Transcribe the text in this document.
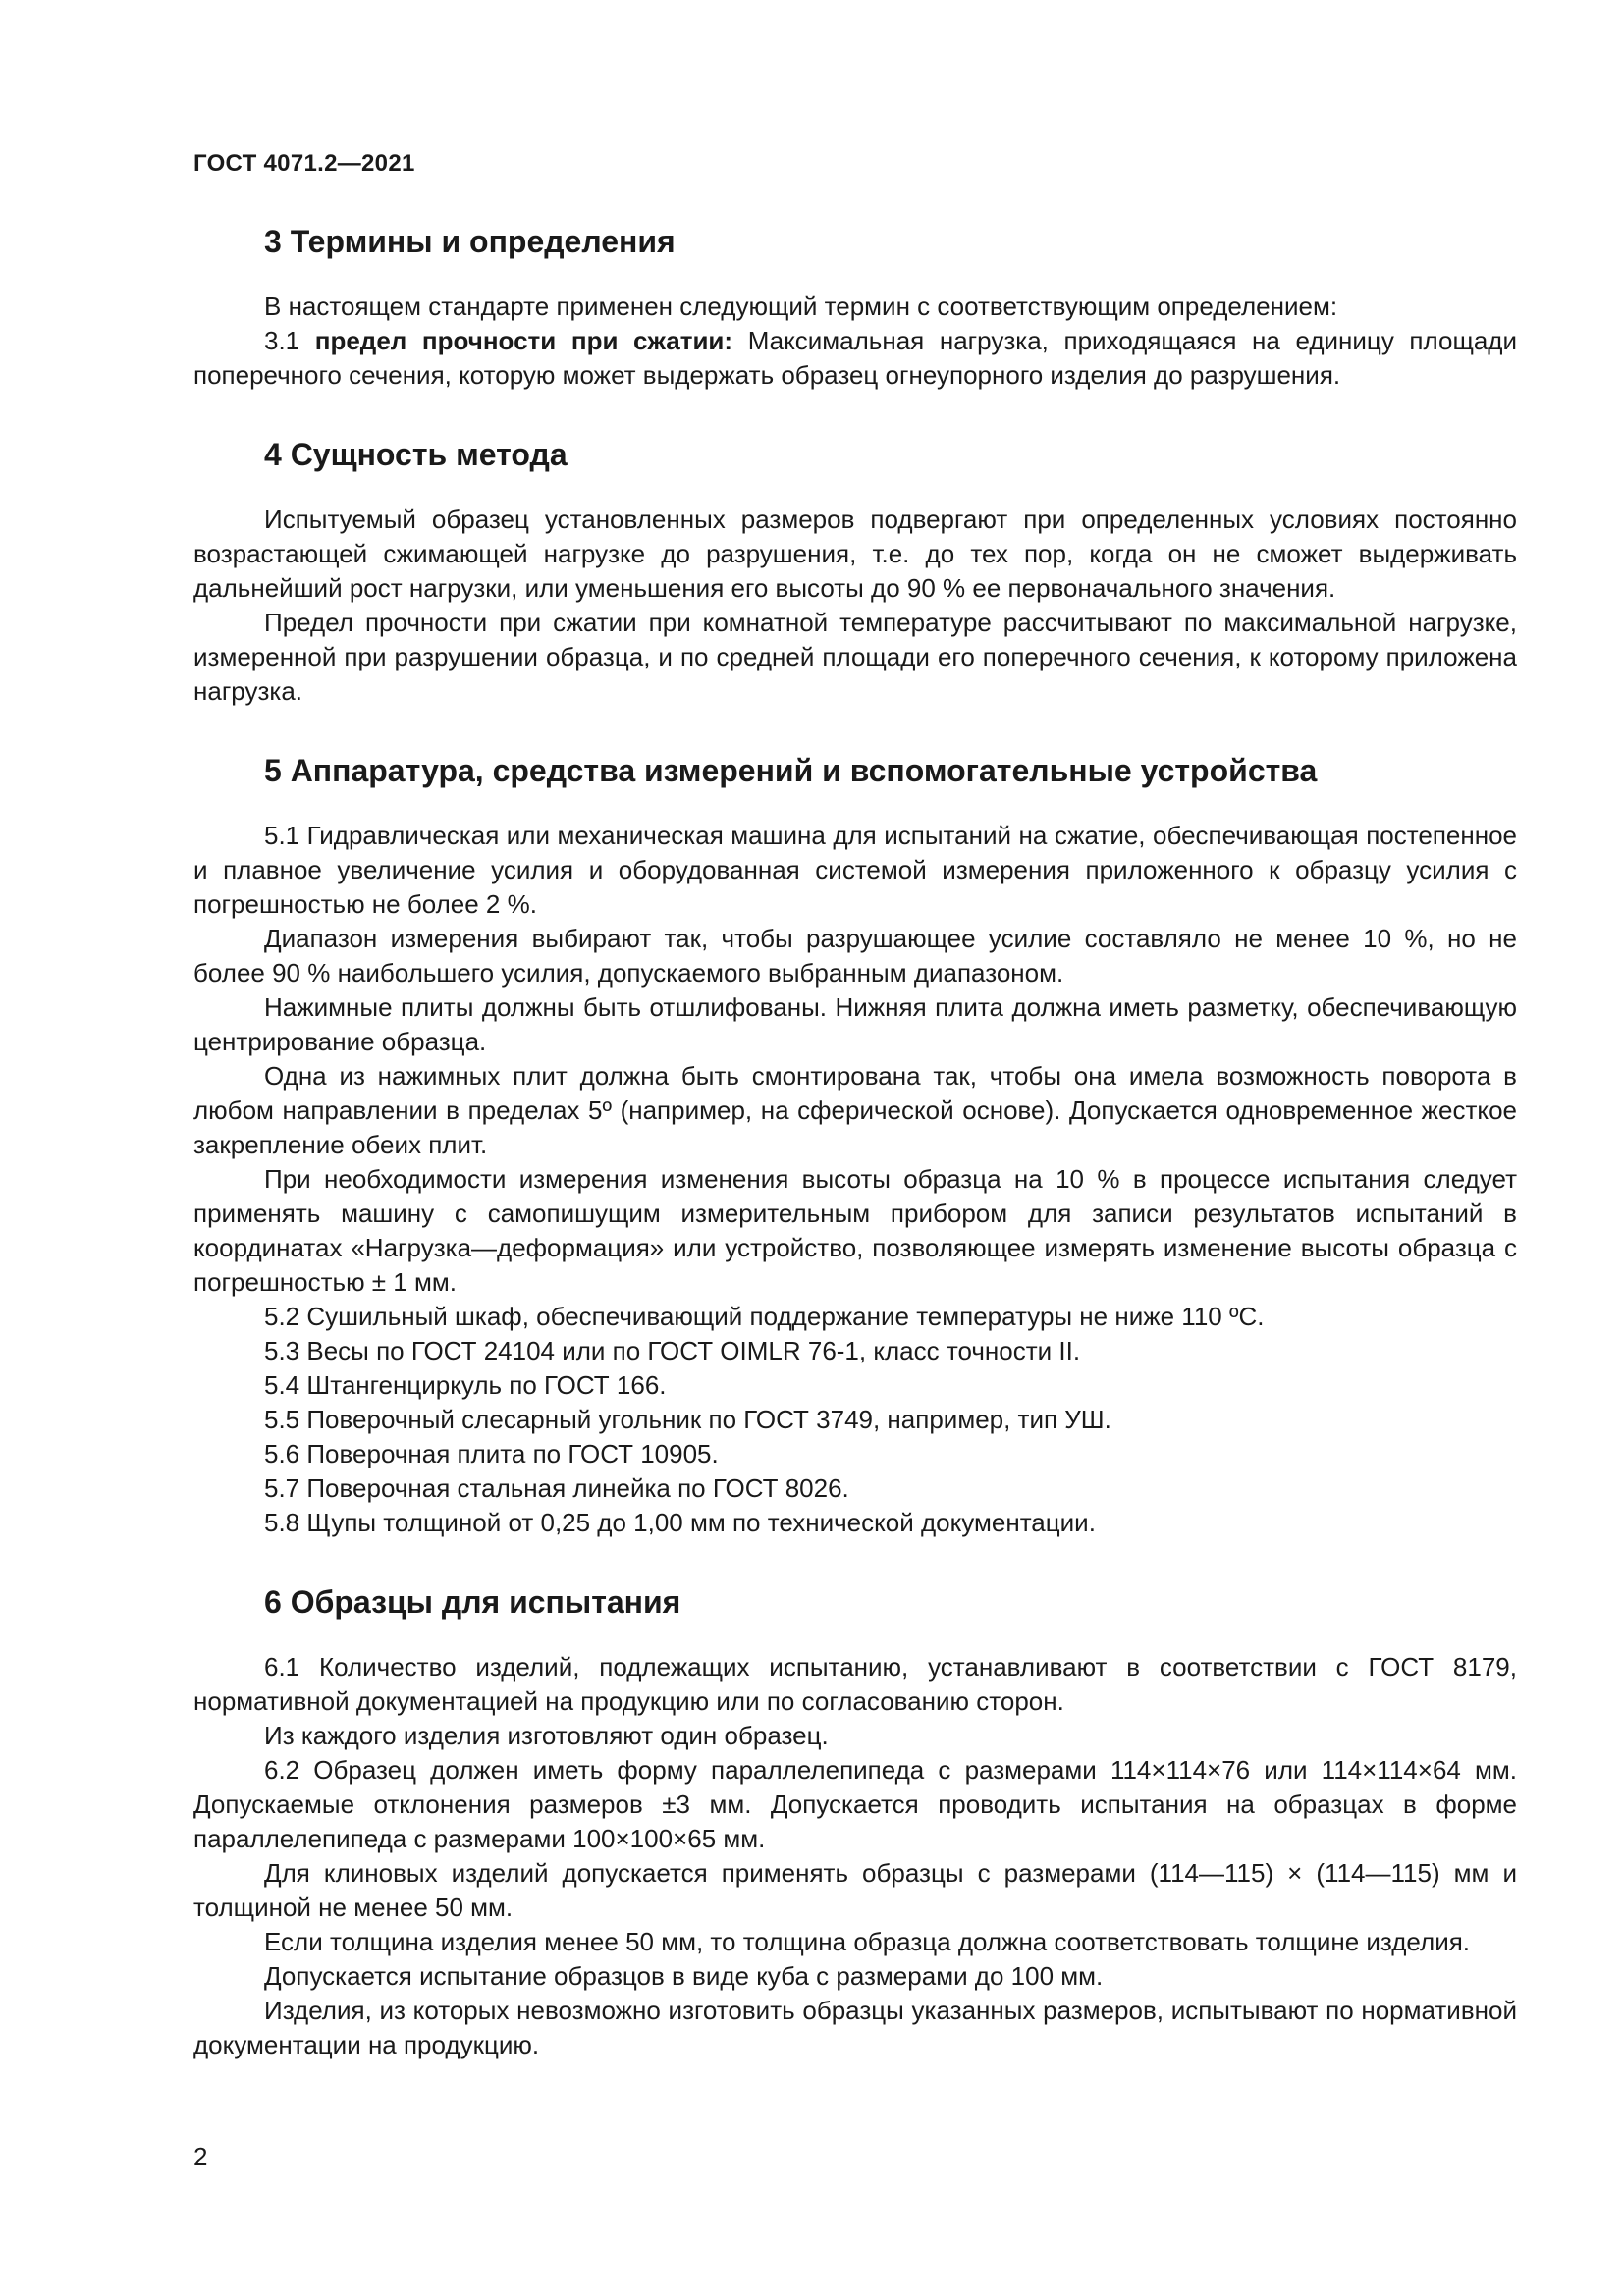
ГОСТ 4071.2—2021
3 Термины и определения

В настоящем стандарте применен следующий термин с соответствующим определением:

3.1 предел прочности при сжатии: Максимальная нагрузка, приходящаяся на единицу площади поперечного сечения, которую может выдержать образец огнеупорного изделия до разрушения.

4 Сущность метода

Испытуемый образец установленных размеров подвергают при определенных условиях постоянно возрастающей сжимающей нагрузке до разрушения, т.е. до тех пор, когда он не сможет выдерживать дальнейший рост нагрузки, или уменьшения его высоты до 90 % ее первоначального значения.

Предел прочности при сжатии при комнатной температуре рассчитывают по максимальной нагрузке, измеренной при разрушении образца, и по средней площади его поперечного сечения, к которому приложена нагрузка.

5 Аппаратура, средства измерений и вспомогательные устройства

5.1 Гидравлическая или механическая машина для испытаний на сжатие, обеспечивающая постепенное и плавное увеличение усилия и оборудованная системой измерения приложенного к образцу усилия с погрешностью не более 2 %.

Диапазон измерения выбирают так, чтобы разрушающее усилие составляло не менее 10 %, но не более 90 % наибольшего усилия, допускаемого выбранным диапазоном.

Нажимные плиты должны быть отшлифованы. Нижняя плита должна иметь разметку, обеспечивающую центрирование образца.

Одна из нажимных плит должна быть смонтирована так, чтобы она имела возможность поворота в любом направлении в пределах 5º (например, на сферической основе). Допускается одновременное жесткое закрепление обеих плит.

При необходимости измерения изменения высоты образца на 10 % в процессе испытания следует применять машину с самопишущим измерительным прибором для записи результатов испытаний в координатах «Нагрузка—деформация» или устройство, позволяющее измерять изменение высоты образца с погрешностью ± 1 мм.

5.2 Сушильный шкаф, обеспечивающий поддержание температуры не ниже 110 ºС.

5.3 Весы по ГОСТ 24104 или по ГОСТ OIMLR 76-1, класс точности II.

5.4 Штангенциркуль по ГОСТ 166.

5.5 Поверочный слесарный угольник по ГОСТ 3749, например, тип УШ.

5.6 Поверочная плита по ГОСТ 10905.

5.7 Поверочная стальная линейка по ГОСТ 8026.

5.8 Щупы толщиной от 0,25 до 1,00 мм по технической документации.

6 Образцы для испытания

6.1 Количество изделий, подлежащих испытанию, устанавливают в соответствии с ГОСТ 8179, нормативной документацией на продукцию или по согласованию сторон.

Из каждого изделия изготовляют один образец.

6.2 Образец должен иметь форму параллелепипеда с размерами 114×114×76 или 114×114×64 мм. Допускаемые отклонения размеров ±3 мм. Допускается проводить испытания на образцах в форме параллелепипеда с размерами 100×100×65 мм.

Для клиновых изделий допускается применять образцы с размерами (114—115) × (114—115) мм и толщиной не менее 50 мм.

Если толщина изделия менее 50 мм, то толщина образца должна соответствовать толщине изделия.

Допускается испытание образцов в виде куба с размерами до 100 мм.

Изделия, из которых невозможно изготовить образцы указанных размеров, испытывают по нормативной документации на продукцию.

2
